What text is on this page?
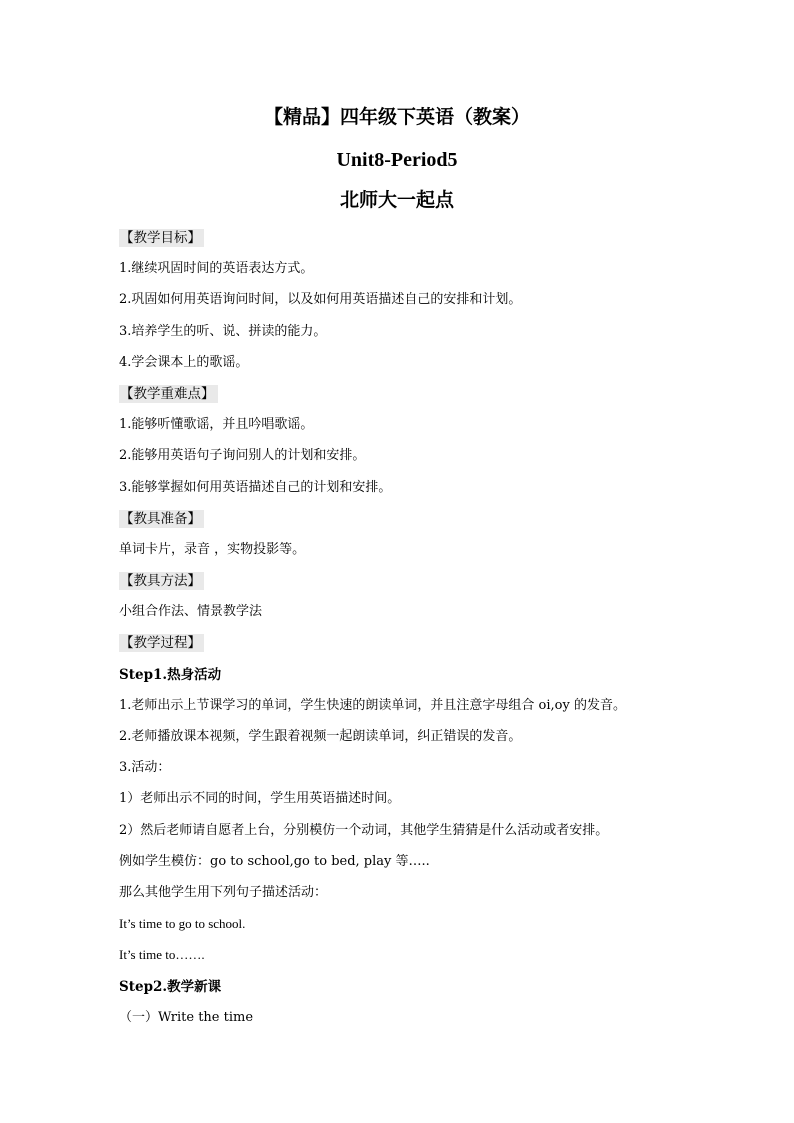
【精品】四年级下英语（教案）
Unit8-Period5
北师大一起点
【教学目标】
1.继续巩固时间的英语表达方式。
2.巩固如何用英语询问时间，以及如何用英语描述自己的安排和计划。
3.培养学生的听、说、拼读的能力。
4.学会课本上的歌谣。
【教学重难点】
1.能够听懂歌谣，并且吟唱歌谣。
2.能够用英语句子询问别人的计划和安排。
3.能够掌握如何用英语描述自己的计划和安排。
【教具准备】
单词卡片，录音 ，实物投影等。
【教具方法】
小组合作法、情景教学法
【教学过程】
Step1.热身活动
1.老师出示上节课学习的单词，学生快速的朗读单词，并且注意字母组合 oi,oy 的发音。
2.老师播放课本视频，学生跟着视频一起朗读单词，纠正错误的发音。
3.活动：
1）老师出示不同的时间，学生用英语描述时间。
2）然后老师请自愿者上台，分别模仿一个动词，其他学生猜猜是什么活动或者安排。
例如学生模仿：go to school,go to bed, play 等…..
那么其他学生用下列句子描述活动：
It’s time to go to school.
It’s time to…….
Step2.教学新课
（一）Write the time
